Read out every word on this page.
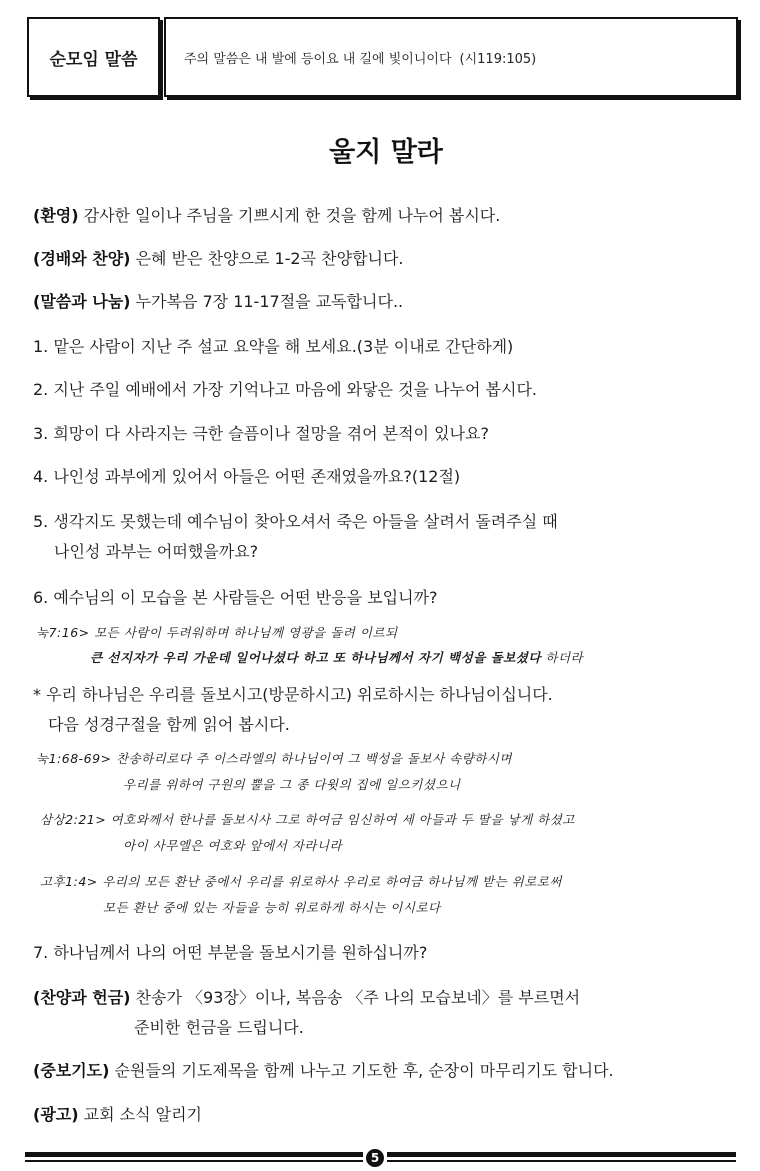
순모임 말씀	주의 말씀은 내 발에 등이요 내 길에 빛이니이다 (시119:105)
울지 말라
(환영) 감사한 일이나 주님을 기쁘시게 한 것을 함께 나누어 봅시다.
(경배와 찬양) 은혜 받은 찬양으로 1-2곡 찬양합니다.
(말씀과 나눔) 누가복음 7장 11-17절을 교독합니다..
1. 맡은 사람이 지난 주 설교 요약을 해 보세요.(3분 이내로 간단하게)
2. 지난 주일 예배에서 가장 기억나고 마음에 와닿은 것을 나누어 봅시다.
3. 희망이 다 사라지는 극한 슬픔이나 절망을 겪어 본적이 있나요?
4. 나인성 과부에게 있어서 아들은 어떤 존재였을까요?(12절)
5. 생각지도 못했는데 예수님이 찾아오셔서 죽은 아들을 살려서 돌려주실 때
나인성 과부는 어떠했을까요?
6. 예수님의 이 모습을 본 사람들은 어떤 반응을 보입니까?
눅7:16> 모든 사람이 두려워하며 하나님께 영광을 돌려 이르되
큰 선지자가 우리 가운데 일어나셨다 하고 또 하나님께서 자기 백성을 돌보셨다 하더라
* 우리 하나님은 우리를 돌보시고(방문하시고) 위로하시는 하나님이십니다.
다음 성경구절을 함께 읽어 봅시다.
눅1:68-69> 찬송하리로다 주 이스라엘의 하나님이여 그 백성을 돌보사 속량하시며
우리를 위하여 구원의 뿔을 그 종 다윗의 집에 일으키셨으니
삼상2:21> 여호와께서 한나를 돌보시사 그로 하여금 임신하여 세 아들과 두 딸을 낳게 하셨고
아이 사무엘은 여호와 앞에서 자라니라
고후1:4> 우리의 모든 환난 중에서 우리를 위로하사 우리로 하여금 하나님께 받는 위로로써
모든 환난 중에 있는 자들을 능히 위로하게 하시는 이시로다
7. 하나님께서 나의 어떤 부분을 돌보시기를 원하십니까?
(찬양과 헌금) 찬송가 〈93장〉이나, 복음송 〈주 나의 모습보네〉를 부르면서
준비한 헌금을 드립니다.
(중보기도) 순원들의 기도제목을 함께 나누고 기도한 후, 순장이 마무리기도 합니다.
(광고) 교회 소식 알리기
5
